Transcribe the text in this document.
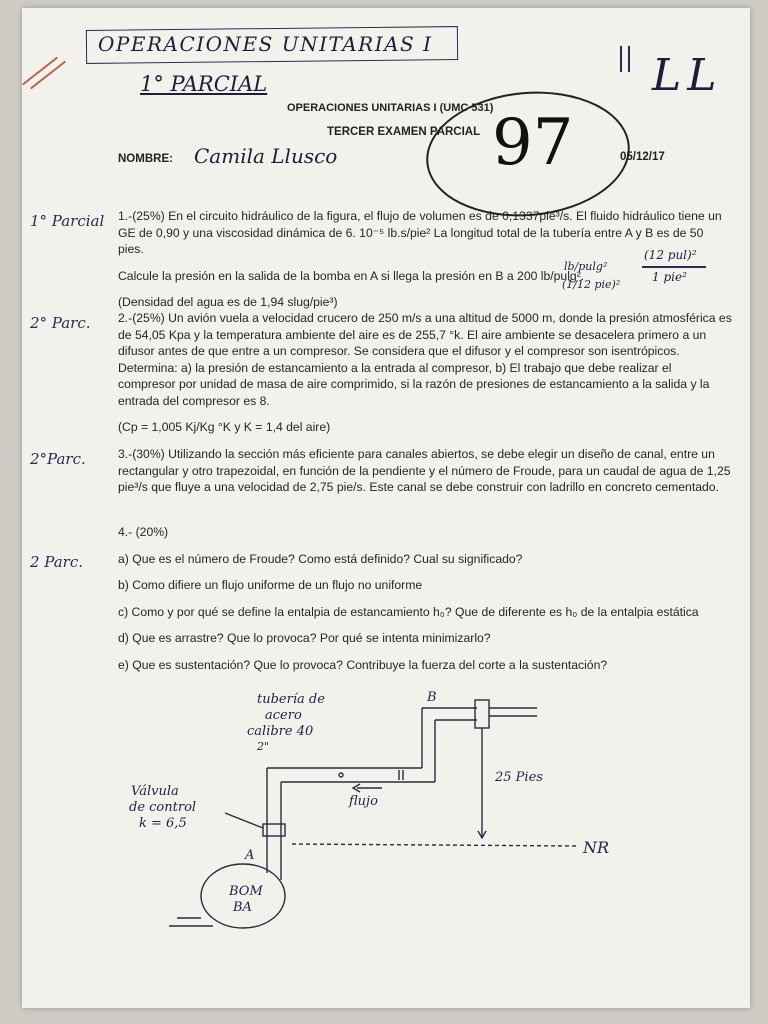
OPERACIONES UNITARIAS I
1° PARCIAL	LL
OPERACIONES UNITARIAS I (UMC 531)
TERCER EXAMEN PARCIAL
NOMBRE: Camila Llusco	05/12/17
97
1° Parcial 1.-(25%) En el circuito hidráulico de la figura, el flujo de volumen es de 0,1337pie³/s. El fluido hidráulico tiene un GE de 0,90 y una viscosidad dinámica de 6. 10⁻⁵ lb.s/pie² La longitud total de la tubería entre A y B es de 50 pies.

Calcule la presión en la salida de la bomba en A si llega la presión en B a 200 lb/pulg².

(Densidad del agua es de 1,94 slug/pie³)

lb/pulg²
(1/12 pie)²
(12 pul)²
1 pie²
2° Parc. 2.-(25%) Un avión vuela a velocidad crucero de 250 m/s a una altitud de 5000 m, donde la presión atmosférica es de 54,05 Kpa y la temperatura ambiente del aire es de 255,7 °k. El aire ambiente se desacelera primero a un difusor antes de que entre a un compresor. Se considera que el difusor y el compresor son isentrópicos. Determina: a) la presión de estancamiento a la entrada al compresor, b) El trabajo que debe realizar el compresor por unidad de masa de aire comprimido, si la razón de presiones de estancamiento a la salida y la entrada del compresor es 8.

(Cp = 1,005 Kj/Kg °K y K = 1,4 del aire)

2°Parc.	3.-(30%) Utilizando la sección más eficiente para canales abiertos, se debe elegir un diseño de canal, entre un rectangular y otro trapezoidal, en función de la pendiente y el número de Froude, para un caudal de agua de 1,25 pie³/s que fluye a una velocidad de 2,75 pie/s. Este canal se debe construir con ladrillo en concreto cementado.

2 Parc.

4.- (20%)

a) Que es el número de Froude? Como está definido? Cual su significado?

b) Como difiere un flujo uniforme de un flujo no uniforme

c) Como y por qué se define la entalpia de estancamiento h₀? Que de diferente es h₀ de la entalpia estática

d) Que es arrastre? Que lo provoca? Por qué se intenta minimizarlo?

e) Que es sustentación? Que lo provoca? Contribuye la fuerza del corte a la sustentación?

tubería de
acero
calibre 40
2"
Válvula
de control
k = 6,5
flujo
25 Pies
NR
A
B
BOM
BA
